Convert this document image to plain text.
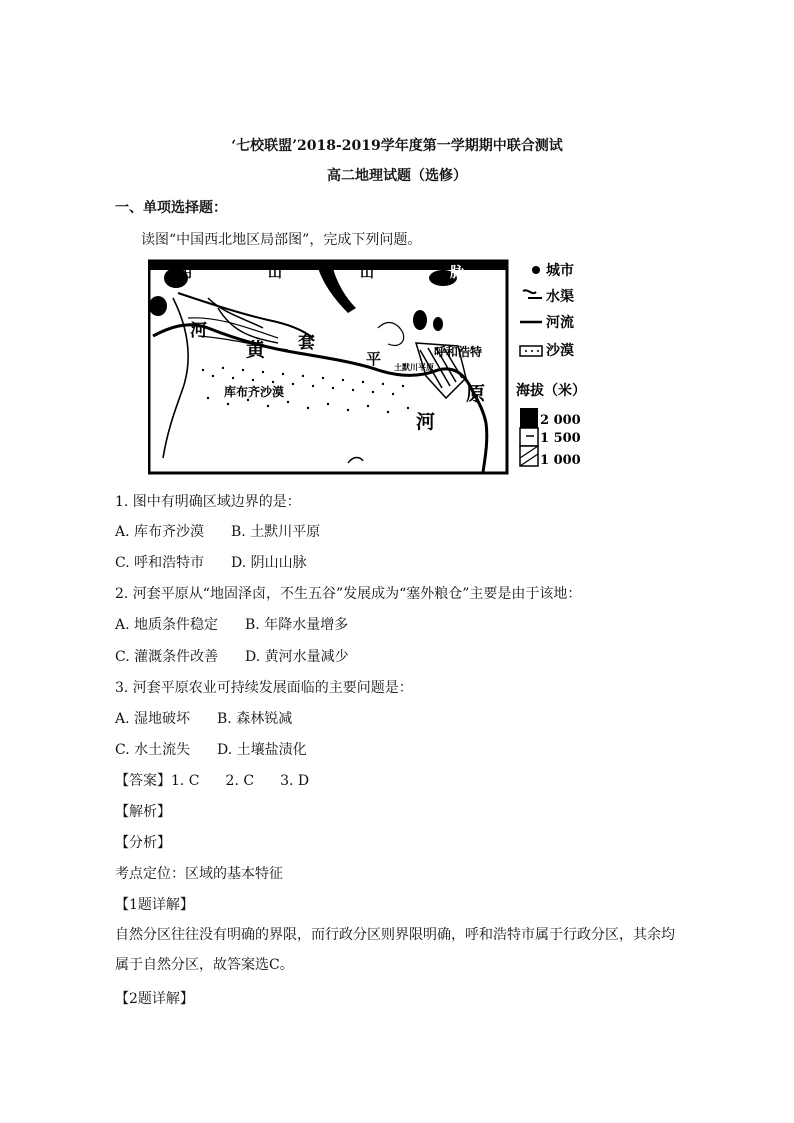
‘七校联盟’2018-2019学年度第一学期期中联合测试
高二地理试题（选修）
一、单项选择题：
读图“中国西北地区局部图”，完成下列问题。
阴	山	山	脉
河
黄 套
平	呼和浩特
土默川平原
库布齐沙漠
河
原
城市
水渠
河流
沙漠
海拔（米）
2 000
1 500
1 000
1. 图中有明确区域边界的是：
A. 库布齐沙漠 B. 土默川平原
C. 呼和浩特市 D. 阴山山脉
2. 河套平原从“地固泽卤，不生五谷”发展成为“塞外粮仓”主要是由于该地：
A. 地质条件稳定 B. 年降水量增多
C. 灌溉条件改善 D. 黄河水量减少
3. 河套平原农业可持续发展面临的主要问题是：
A. 湿地破坏 B. 森林锐减
C. 水土流失 D. 土壤盐渍化
【答案】1. C 2. C 3. D
【解析】
【分析】
考点定位：区域的基本特征
【1题详解】
自然分区往往没有明确的界限，而行政分区则界限明确，呼和浩特市属于行政分区，其余均属于自然分区，故答案选C。
【2题详解】
